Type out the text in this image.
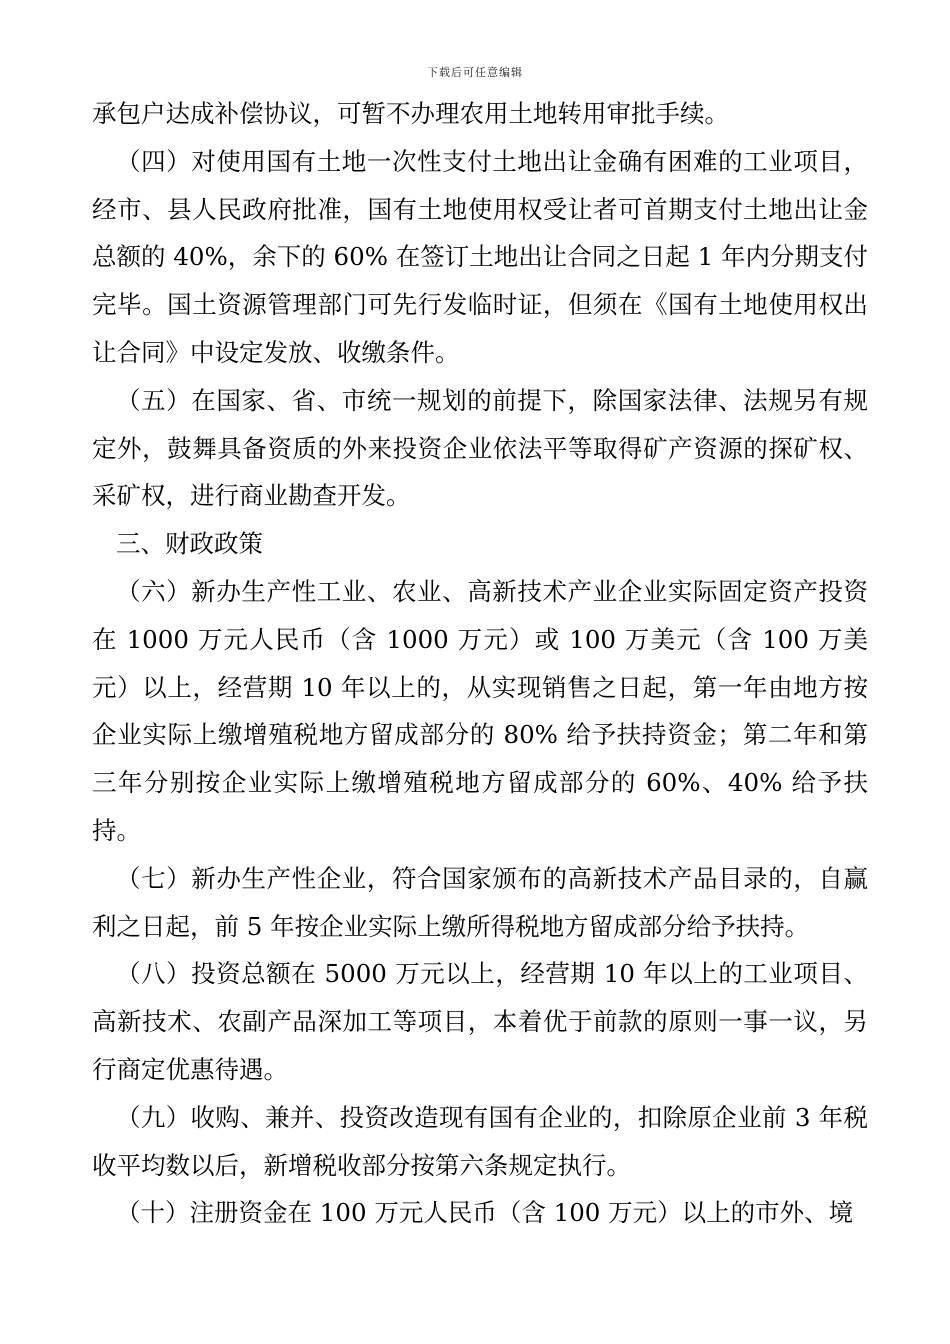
下载后可任意编辑

承包户达成补偿协议，可暂不办理农用土地转用审批手续。

（四）对使用国有土地一次性支付土地出让金确有困难的工业项目，经市、县人民政府批准，国有土地使用权受让者可首期支付土地出让金总额的 40%，余下的 60% 在签订土地出让合同之日起 1 年内分期支付完毕。国土资源管理部门可先行发临时证，但须在《国有土地使用权出让合同》中设定发放、收缴条件。

（五）在国家、省、市统一规划的前提下，除国家法律、法规另有规定外，鼓舞具备资质的外来投资企业依法平等取得矿产资源的探矿权、采矿权，进行商业勘查开发。

三、财政政策

（六）新办生产性工业、农业、高新技术产业企业实际固定资产投资在 1000 万元人民币（含 1000 万元）或 100 万美元（含 100 万美元）以上，经营期 10 年以上的，从实现销售之日起，第一年由地方按企业实际上缴增殖税地方留成部分的 80% 给予扶持资金；第二年和第三年分别按企业实际上缴增殖税地方留成部分的 60%、40% 给予扶持。

（七）新办生产性企业，符合国家颁布的高新技术产品目录的，自赢利之日起，前 5 年按企业实际上缴所得税地方留成部分给予扶持。

（八）投资总额在 5000 万元以上，经营期 10 年以上的工业项目、高新技术、农副产品深加工等项目，本着优于前款的原则一事一议，另行商定优惠待遇。

（九）收购、兼并、投资改造现有国有企业的，扣除原企业前 3 年税收平均数以后，新增税收部分按第六条规定执行。

（十）注册资金在 100 万元人民币（含 100 万元）以上的市外、境
